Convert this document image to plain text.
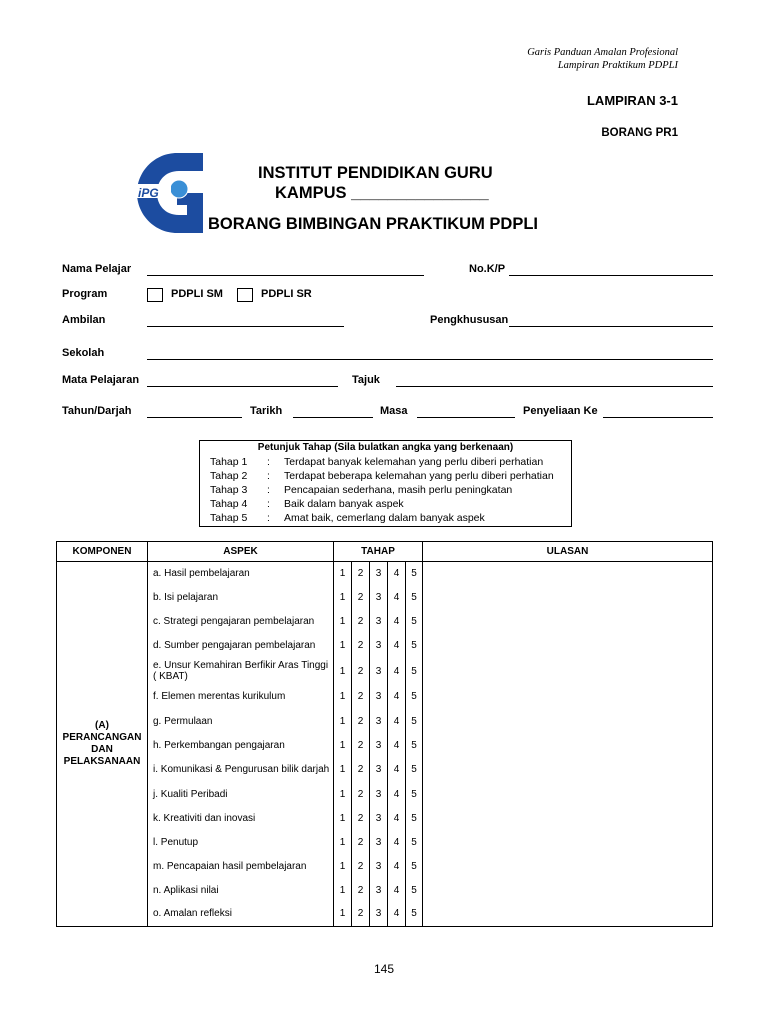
Garis Panduan Amalan Profesional
Lampiran Praktikum PDPLI
LAMPIRAN 3-1
BORANG PR1
iPG
INSTITUT PENDIDIKAN GURU
KAMPUS _______________
BORANG BIMBINGAN PRAKTIKUM PDPLI
Nama Pelajar	No.K/P
Program	PDPLI SM	PDPLI SR
Ambilan	Pengkhususan
Sekolah
Mata Pelajaran	Tajuk
Tahun/Darjah	Tarikh	Masa	Penyeliaan Ke
Petunjuk Tahap (Sila bulatkan angka yang berkenaan)
Tahap 1 : Terdapat banyak kelemahan yang perlu diberi perhatian
Tahap 2 : Terdapat beberapa kelemahan yang perlu diberi perhatian
Tahap 3 : Pencapaian sederhana, masih perlu peningkatan
Tahap 4 : Baik dalam banyak aspek
Tahap 5 : Amat baik, cemerlang dalam banyak aspek
KOMPONEN	ASPEK	TAHAP					ULASAN

(A)
PERANCANGAN
DAN
PELAKSANAAN	a. Hasil pembelajaran	1	2	3	4	5	
	b. Isi pelajaran	1	2	3	4	5	
	c. Strategi pengajaran pembelajaran	1	2	3	4	5	
	d. Sumber pengajaran pembelajaran	1	2	3	4	5	
	e. Unsur Kemahiran Berfikir Aras Tinggi ( KBAT)	1	2	3	4	5	
	f. Elemen merentas kurikulum	1	2	3	4	5	
	g. Permulaan	1	2	3	4	5	
	h. Perkembangan pengajaran	1	2	3	4	5	
	i. Komunikasi & Pengurusan bilik darjah	1	2	3	4	5	
	j. Kualiti Peribadi	1	2	3	4	5	
	k. Kreativiti dan inovasi	1	2	3	4	5	
	l. Penutup	1	2	3	4	5	
	m. Pencapaian hasil pembelajaran	1	2	3	4	5	
	n. Aplikasi nilai	1	2	3	4	5	
	o. Amalan refleksi	1	2	3	4	5	
145
